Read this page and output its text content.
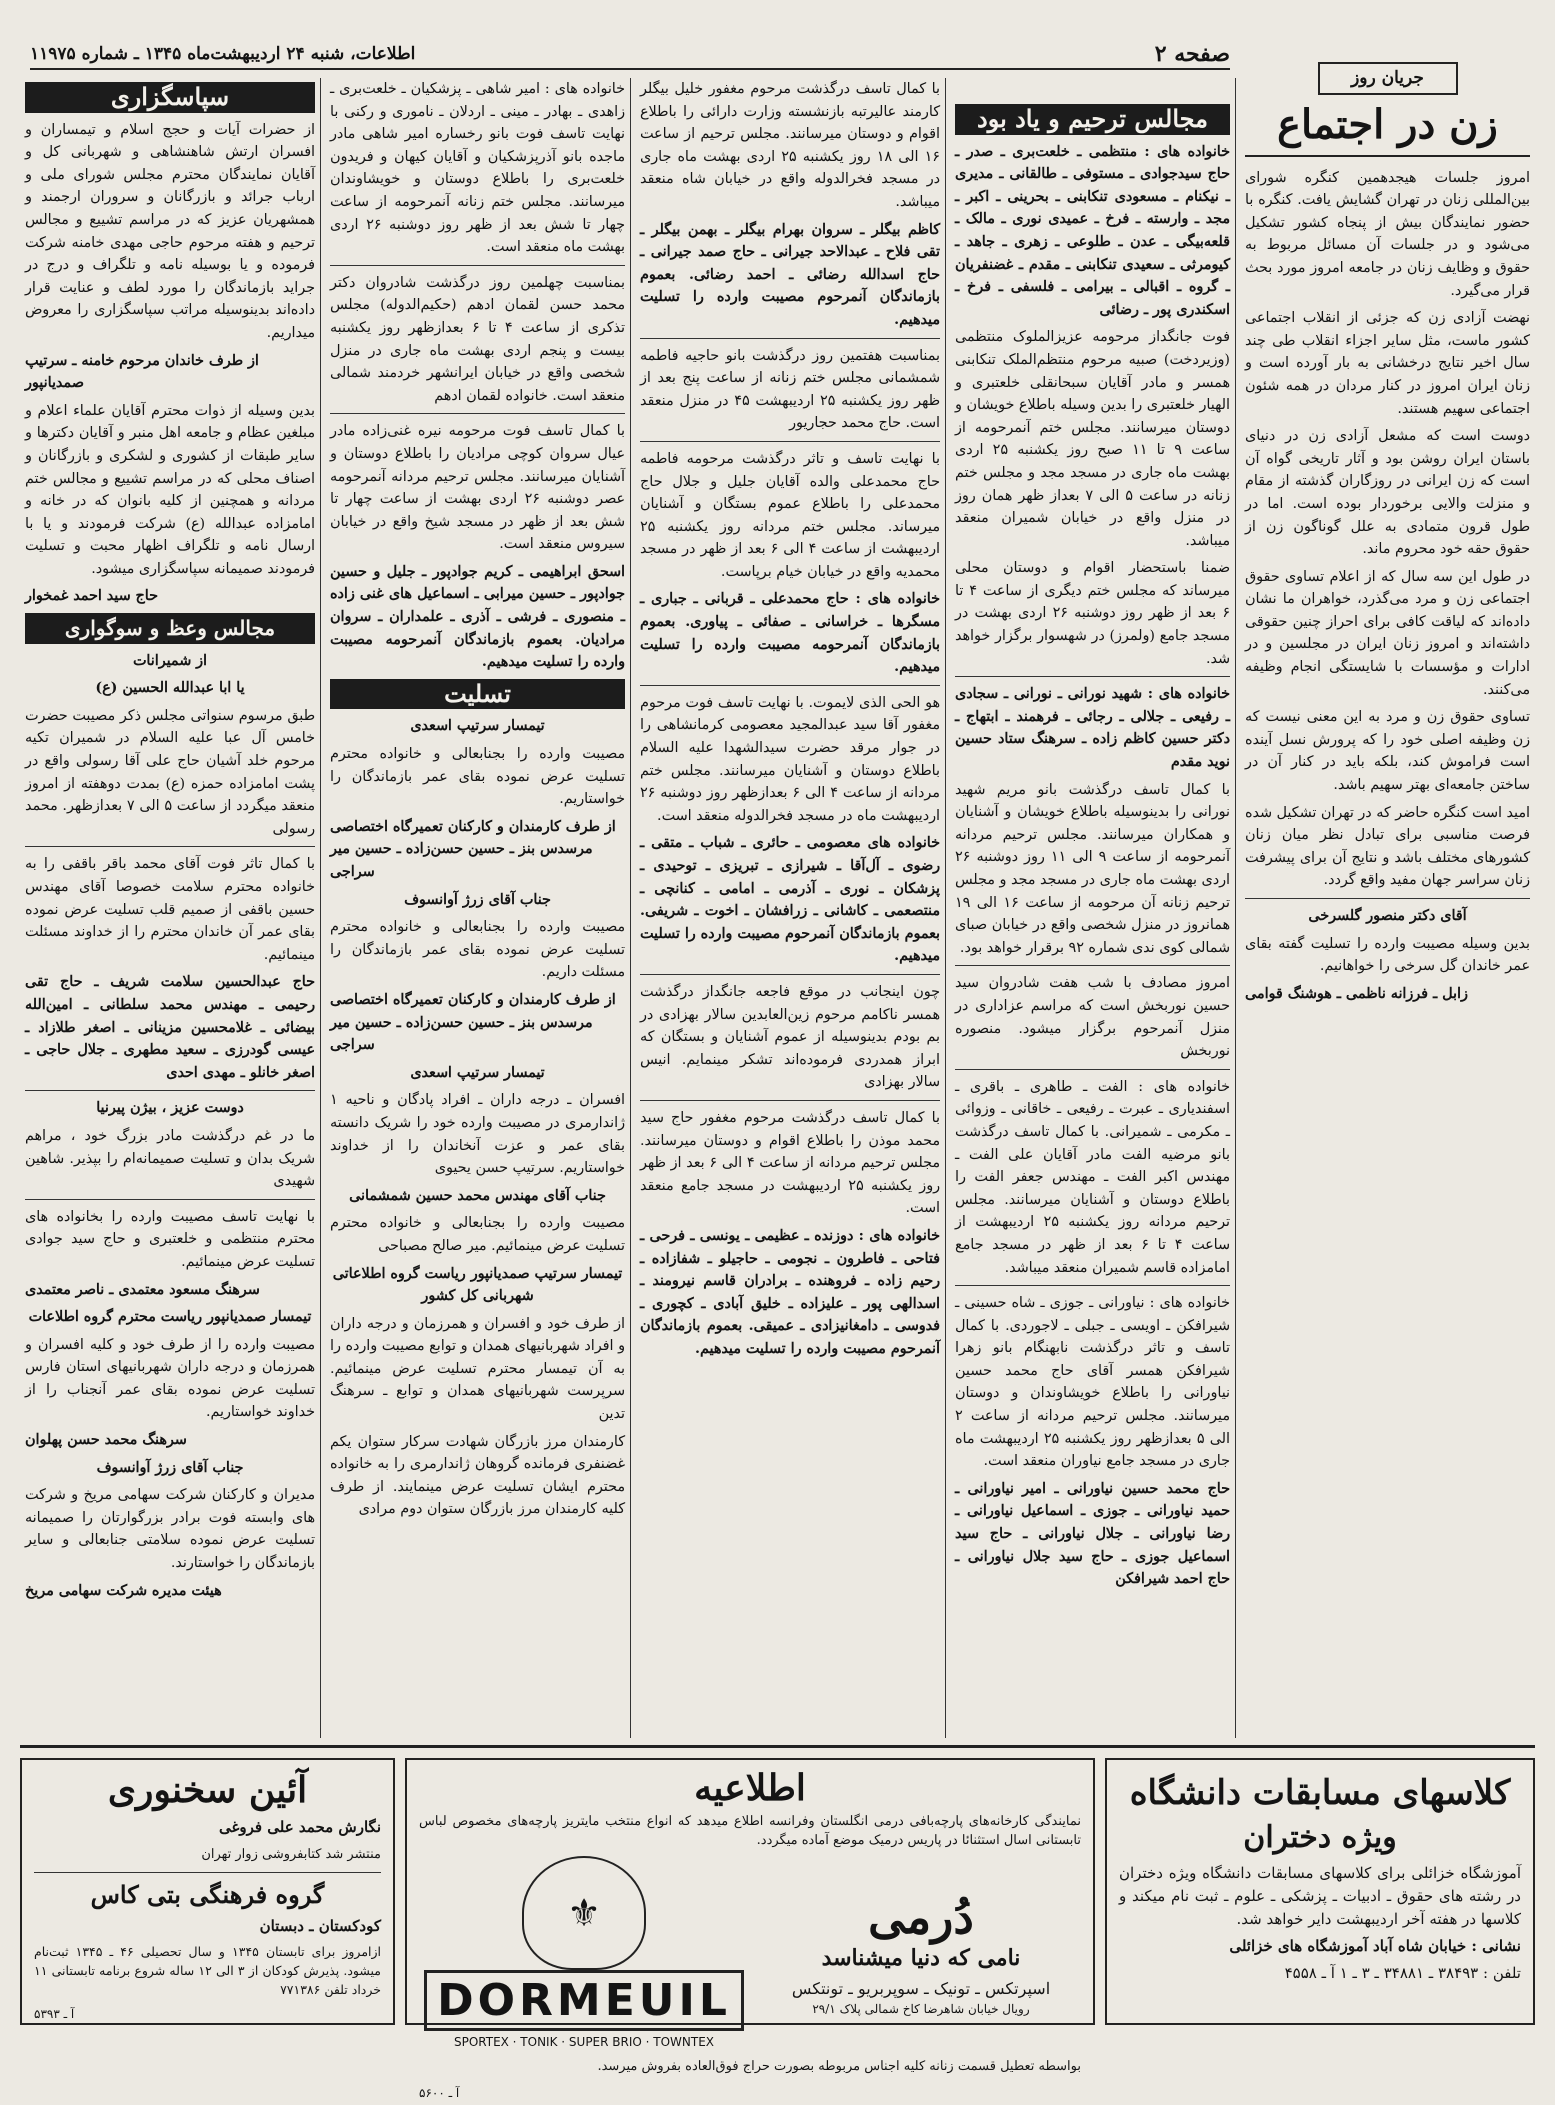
صفحه ۲
اطلاعات، شنبه ۲۴ اردیبهشت‌ماه ۱۳۴۵ ـ شماره ۱۱۹۷۵
جریان روز
زن در اجتماع

امروز جلسات هیجدهمین کنگره شورای بین‌المللی زنان در تهران گشایش یافت. کنگره با حضور نمایندگان بیش از پنجاه کشور تشکیل می‌شود و در جلسات آن مسائل مربوط به حقوق و وظایف زنان در جامعه امروز مورد بحث قرار می‌گیرد.

نهضت آزادی زن که جزئی از انقلاب اجتماعی کشور ماست، مثل سایر اجزاء انقلاب طی چند سال اخیر نتایج درخشانی به بار آورده است و زنان ایران امروز در کنار مردان در همه شئون اجتماعی سهیم هستند.

دوست است که مشعل آزادی زن در دنیای باستان ایران روشن بود و آثار تاریخی گواه آن است که زن ایرانی در روزگاران گذشته از مقام و منزلت والایی برخوردار بوده است. اما در طول قرون متمادی به علل گوناگون زن از حقوق حقه خود محروم ماند.

در طول این سه سال که از اعلام تساوی حقوق اجتماعی زن و مرد می‌گذرد، خواهران ما نشان داده‌اند که لیاقت کافی برای احراز چنین حقوقی داشته‌اند و امروز زنان ایران در مجلسین و در ادارات و مؤسسات با شایستگی انجام وظیفه می‌کنند.

تساوی حقوق زن و مرد به این معنی نیست که زن وظیفه اصلی خود را که پرورش نسل آینده است فراموش کند، بلکه باید در کنار آن در ساختن جامعه‌ای بهتر سهیم باشد.

امید است کنگره حاضر که در تهران تشکیل شده فرصت مناسبی برای تبادل نظر میان زنان کشورهای مختلف باشد و نتایج آن برای پیشرفت زنان سراسر جهان مفید واقع گردد.

آقای دکتر منصور گلسرخی

بدین وسیله مصیبت وارده را تسلیت گفته بقای عمر خاندان گل سرخی را خواهانیم.

زابل ـ فرزانه ناظمی ـ هوشنگ قوامی

مجالس ترحیم و یاد بود

خانواده های : منتظمی ـ خلعت‌بری ـ صدر ـ حاج سیدجوادی ـ مستوفی ـ طالقانی ـ مدیری ـ نیکنام ـ مسعودی تنکابنی ـ بحرینی ـ اکبر ـ مجد ـ وارسته ـ فرخ ـ عمیدی نوری ـ مالک ـ قلعه‌بیگی ـ عدن ـ طلوعی ـ زهری ـ جاهد ـ کیومرثی ـ سعیدی تنکابنی ـ مقدم ـ غضنفریان ـ گروه ـ اقبالی ـ بیرامی ـ فلسفی ـ فرخ ـ اسکندری پور ـ رضائی

فوت جانگداز مرحومه عزیزالملوک منتظمی (وزیردخت) صبیه مرحوم منتظم‌الملک تنکابنی همسر و مادر آقایان سبحانقلی خلعتبری و الهیار خلعتبری را بدین وسیله باطلاع خویشان و دوستان میرسانند. مجلس ختم آنمرحومه از ساعت ۹ تا ۱۱ صبح روز یکشنبه ۲۵ اردی بهشت ماه جاری در مسجد مجد و مجلس ختم زنانه در ساعت ۵ الی ۷ بعداز ظهر همان روز در منزل واقع در خیابان شمیران منعقد میباشد.

ضمنا باستحضار اقوام و دوستان محلی میرساند که مجلس ختم دیگری از ساعت ۴ تا ۶ بعد از ظهر روز دوشنبه ۲۶ اردی بهشت در مسجد جامع (ولمرز) در شهسوار برگزار خواهد شد.

خانواده های : شهید نورانی ـ نورانی ـ سجادی ـ رفیعی ـ جلالی ـ رجائی ـ فرهمند ـ ابتهاج ـ دکتر حسین کاظم زاده ـ سرهنگ ستاد حسین نوید مقدم

با کمال تاسف درگذشت بانو مریم شهید نورانی را بدینوسیله باطلاع خویشان و آشنایان و همکاران میرسانند. مجلس ترحیم مردانه آنمرحومه از ساعت ۹ الی ۱۱ روز دوشنبه ۲۶ اردی بهشت ماه جاری در مسجد مجد و مجلس ترحیم زنانه آن مرحومه از ساعت ۱۶ الی ۱۹ همانروز در منزل شخصی واقع در خیابان صبای شمالی کوی ندی شماره ۹۲ برقرار خواهد بود.

امروز مصادف با شب هفت شادروان سید حسین نوربخش است که مراسم عزاداری در منزل آنمرحوم برگزار میشود. منصوره نوربخش

خانواده های : الفت ـ طاهری ـ باقری ـ اسفندیاری ـ عبرت ـ رفیعی ـ خاقانی ـ وزوائی ـ مکرمی ـ شمیرانی. با کمال تاسف درگذشت بانو مرضیه الفت مادر آقایان علی الفت ـ مهندس اکبر الفت ـ مهندس جعفر الفت را باطلاع دوستان و آشنایان میرسانند. مجلس ترحیم مردانه روز یکشنبه ۲۵ اردیبهشت از ساعت ۴ تا ۶ بعد از ظهر در مسجد جامع امامزاده قاسم شمیران منعقد میباشد.

خانواده های : نیاورانی ـ جوزی ـ شاه حسینی ـ شیرافکن ـ اویسی ـ جبلی ـ لاجوردی. با کمال تاسف و تاثر درگذشت نابهنگام بانو زهرا شیرافکن همسر آقای حاج محمد حسین نیاورانی را باطلاع خویشاوندان و دوستان میرسانند. مجلس ترحیم مردانه از ساعت ۲ الی ۵ بعدازظهر روز یکشنبه ۲۵ اردیبهشت ماه جاری در مسجد جامع نیاوران منعقد است.

حاج محمد حسین نیاورانی ـ امیر نیاورانی ـ حمید نیاورانی ـ جوزی ـ اسماعیل نیاورانی ـ رضا نیاورانی ـ جلال نیاورانی ـ حاج سید اسماعیل جوزی ـ حاج سید جلال نیاورانی ـ حاج احمد شیرافکن

با کمال تاسف درگذشت مرحوم مغفور خلیل بیگلر کارمند عالیرتبه بازنشسته وزارت دارائی را باطلاع اقوام و دوستان میرسانند. مجلس ترحیم از ساعت ۱۶ الی ۱۸ روز یکشنبه ۲۵ اردی بهشت ماه جاری در مسجد فخرالدوله واقع در خیابان شاه منعقد میباشد.

کاظم بیگلر ـ سروان بهرام بیگلر ـ بهمن بیگلر ـ تقی فلاح ـ عبدالاحد جیرانی ـ حاج صمد جیرانی ـ حاج اسدالله رضائی ـ احمد رضائی. بعموم بازماندگان آنمرحوم مصیبت وارده را تسلیت میدهیم.

بمناسبت هفتمین روز درگذشت بانو حاجیه فاطمه شمشمانی مجلس ختم زنانه از ساعت پنج بعد از ظهر روز یکشنبه ۲۵ اردیبهشت ۴۵ در منزل منعقد است. حاج محمد حجاریور

با نهایت تاسف و تاثر درگذشت مرحومه فاطمه حاج محمدعلی والده آقایان جلیل و جلال حاج محمدعلی را باطلاع عموم بستگان و آشنایان میرساند. مجلس ختم مردانه روز یکشنبه ۲۵ اردیبهشت از ساعت ۴ الی ۶ بعد از ظهر در مسجد محمدیه واقع در خیابان خیام برپاست.

خانواده های : حاج محمدعلی ـ قربانی ـ جباری ـ مسگرها ـ خراسانی ـ صفائی ـ پیاوری. بعموم بازماندگان آنمرحومه مصیبت وارده را تسلیت میدهیم.

هو الحی الذی لایموت. با نهایت تاسف فوت مرحوم مغفور آقا سید عبدالمجید معصومی کرمانشاهی را در جوار مرقد حضرت سیدالشهدا علیه السلام باطلاع دوستان و آشنایان میرسانند. مجلس ختم مردانه از ساعت ۴ الی ۶ بعدازظهر روز دوشنبه ۲۶ اردیبهشت ماه در مسجد فخرالدوله منعقد است.

خانواده های معصومی ـ حائری ـ شباب ـ متقی ـ رضوی ـ آل‌آقا ـ شیرازی ـ تبریزی ـ توحیدی ـ پزشکان ـ نوری ـ آذرمی ـ امامی ـ کنانچی ـ منتصعمی ـ کاشانی ـ زرافشان ـ اخوت ـ شریفی. بعموم بازماندگان آنمرحوم مصیبت وارده را تسلیت میدهیم.

چون اینجانب در موقع فاجعه جانگداز درگذشت همسر ناکامم مرحوم زین‌العابدین سالار بهزادی در بم بودم بدینوسیله از عموم آشنایان و بستگان که ابراز همدردی فرموده‌اند تشکر مینمایم. انیس سالار بهزادی

با کمال تاسف درگذشت مرحوم مغفور حاج سید محمد موذن را باطلاع اقوام و دوستان میرسانند. مجلس ترحیم مردانه از ساعت ۴ الی ۶ بعد از ظهر روز یکشنبه ۲۵ اردیبهشت در مسجد جامع منعقد است.

خانواده های : دوزنده ـ عظیمی ـ یونسی ـ فرحی ـ فتاحی ـ فاطرون ـ نجومی ـ حاجیلو ـ شفازاده ـ رحیم زاده ـ فروهنده ـ برادران قاسم نیرومند ـ اسدالهی پور ـ علیزاده ـ خلیق آبادی ـ کچوری ـ فدوسی ـ دامغانیزادی ـ عمیقی. بعموم بازماندگان آنمرحوم مصیبت وارده را تسلیت میدهیم.

خانواده های : امیر شاهی ـ پزشکیان ـ خلعت‌بری ـ زاهدی ـ بهادر ـ مینی ـ اردلان ـ ناموری و رکنی با نهایت تاسف فوت بانو رخساره امیر شاهی مادر ماجده بانو آذرپزشکیان و آقایان کیهان و فریدون خلعت‌بری را باطلاع دوستان و خویشاوندان میرسانند. مجلس ختم زنانه آنمرحومه از ساعت چهار تا شش بعد از ظهر روز دوشنبه ۲۶ اردی بهشت ماه منعقد است.

بمناسبت چهلمین روز درگذشت شادروان دکتر محمد حسن لقمان ادهم (حکیم‌الدوله) مجلس تذکری از ساعت ۴ تا ۶ بعدازظهر روز یکشنبه بیست و پنجم اردی بهشت ماه جاری در منزل شخصی واقع در خیابان ایرانشهر خردمند شمالی منعقد است. خانواده لقمان ادهم

با کمال تاسف فوت مرحومه نیره غنی‌زاده مادر عیال سروان کوچی مرادیان را باطلاع دوستان و آشنایان میرسانند. مجلس ترحیم مردانه آنمرحومه عصر دوشنبه ۲۶ اردی بهشت از ساعت چهار تا شش بعد از ظهر در مسجد شیخ واقع در خیابان سیروس منعقد است.

اسحق ابراهیمی ـ کریم جوادپور ـ جلیل و حسین جوادپور ـ حسین میرابی ـ اسماعیل های غنی زاده ـ منصوری ـ فرشی ـ آذری ـ علمداران ـ سروان مرادیان. بعموم بازماندگان آنمرحومه مصیبت وارده را تسلیت میدهیم.

تسلیت

تیمسار سرتیپ اسعدی

مصیبت وارده را بجنابعالی و خانواده محترم تسلیت عرض نموده بقای عمر بازماندگان را خواستاریم.

از طرف کارمندان و کارکنان تعمیرگاه اختصاصی مرسدس بنز ـ حسین حسن‌زاده ـ حسین میر سراجی

جناب آقای زرژ آوانسوف

مصیبت وارده را بجنابعالی و خانواده محترم تسلیت عرض نموده بقای عمر بازماندگان را مسئلت داریم.

از طرف کارمندان و کارکنان تعمیرگاه اختصاصی مرسدس بنز ـ حسین حسن‌زاده ـ حسین میر سراجی

تیمسار سرتیپ اسعدی

افسران ـ درجه داران ـ افراد پادگان و ناحیه ۱ ژاندارمری در مصیبت وارده خود را شریک دانسته بقای عمر و عزت آنخاندان را از خداوند خواستاریم. سرتیپ حسن یحیوی

جناب آقای مهندس محمد حسین شمشمانی

مصیبت وارده را بجنابعالی و خانواده محترم تسلیت عرض مینمائیم. میر صالح مصباحی

تیمسار سرتیپ صمدیانپور ریاست گروه اطلاعاتی شهربانی کل کشور

از طرف خود و افسران و همرزمان و درجه داران و افراد شهربانیهای همدان و توابع مصیبت وارده را به آن تیمسار محترم تسلیت عرض مینمائیم. سرپرست شهربانیهای همدان و توابع ـ سرهنگ تدین

کارمندان مرز بازرگان شهادت سرکار ستوان یکم غضنفری فرمانده گروهان ژاندارمری را به خانواده محترم ایشان تسلیت عرض مینمایند. از طرف کلیه کارمندان مرز بازرگان ستوان دوم مرادی

سپاسگزاری

از حضرات آیات و حجج اسلام و تیمساران و افسران ارتش شاهنشاهی و شهربانی کل و آقایان نمایندگان محترم مجلس شورای ملی و ارباب جرائد و بازرگانان و سروران ارجمند و همشهریان عزیز که در مراسم تشییع و مجالس ترحیم و هفته مرحوم حاجی مهدی خامنه شرکت فرموده و یا بوسیله نامه و تلگراف و درج در جراید بازماندگان را مورد لطف و عنایت قرار داده‌اند بدینوسیله مراتب سپاسگزاری را معروض میداریم.

از طرف خاندان مرحوم خامنه ـ سرتیپ صمدیانپور

بدین وسیله از ذوات محترم آقایان علماء اعلام و مبلغین عظام و جامعه اهل منبر و آقایان دکترها و سایر طبقات از کشوری و لشکری و بازرگانان و اصناف محلی که در مراسم تشییع و مجالس ختم مردانه و همچنین از کلیه بانوان که در خانه و امامزاده عبدالله (ع) شرکت فرمودند و یا با ارسال نامه و تلگراف اظهار محبت و تسلیت فرمودند صمیمانه سپاسگزاری میشود.

حاج سید احمد غمخوار

مجالس وعظ و سوگواری

از شمیرانات

یا ابا عبدالله الحسین (ع)

طبق مرسوم سنواتی مجلس ذکر مصیبت حضرت خامس آل عبا علیه السلام در شمیران تکیه مرحوم خلد آشیان حاج علی آقا رسولی واقع در پشت امامزاده حمزه (ع) بمدت دوهفته از امروز منعقد میگردد از ساعت ۵ الی ۷ بعدازظهر. محمد رسولی

با کمال تاثر فوت آقای محمد باقر باقفی را به خانواده محترم سلامت خصوصا آقای مهندس حسین باقفی از صمیم قلب تسلیت عرض نموده بقای عمر آن خاندان محترم را از خداوند مسئلت مینمائیم.

حاج عبدالحسین سلامت شریف ـ حاج تقی رحیمی ـ مهندس محمد سلطانی ـ امین‌الله بیضائی ـ غلامحسین مزینانی ـ اصغر طلازاد ـ عیسی گودرزی ـ سعید مطهری ـ جلال حاجی ـ اصغر خانلو ـ مهدی احدی

دوست عزیز ، بیژن پیرنیا

ما در غم درگذشت مادر بزرگ خود ، مراهم شریک بدان و تسلیت صمیمانه‌ام را بپذیر. شاهین شهیدی

با نهایت تاسف مصیبت وارده را بخانواده های محترم منتظمی و خلعتبری و حاج سید جوادی تسلیت عرض مینمائیم.

سرهنگ مسعود معتمدی ـ ناصر معتمدی

تیمسار صمدیانپور ریاست محترم گروه اطلاعات

مصیبت وارده را از طرف خود و کلیه افسران و همرزمان و درجه داران شهربانیهای استان فارس تسلیت عرض نموده بقای عمر آنجناب را از خداوند خواستاریم.

سرهنگ محمد حسن پهلوان

جناب آقای زرژ آوانسوف

مدیران و کارکنان شرکت سهامی مریخ و شرکت های وابسته فوت برادر بزرگوارتان را صمیمانه تسلیت عرض نموده سلامتی جنابعالی و سایر بازماندگان را خواستارند.

هیئت مدیره شرکت سهامی مریخ

کلاسهای مسابقات دانشگاه
ویژه دختران

آموزشگاه خزائلی برای کلاسهای مسابقات دانشگاه ویژه دختران در رشته های حقوق ـ ادبیات ـ پزشکی ـ علوم ـ ثبت نام میکند و کلاسها در هفته آخر اردیبهشت دایر خواهد شد.

نشانی : خیابان شاه آباد آموزشگاه های خزائلی

تلفن : ۳۸۴۹۳ ـ ۳۴۸۸۱ ـ ۳ ـ ۱ آ ـ ۴۵۵۸

اطلاعیه

نمایندگی کارخانه‌های پارچه‌بافی درمی انگلستان وفرانسه اطلاع میدهد که انواع منتخب مایتریز پارچه‌های مخصوص لباس تابستانی اسال استثنائا در پاریس درمیک موضع آماده میگردد.

⚜
DORMEUIL
SPORTEX · TONIK · SUPER BRIO · TOWNTEX
دُرمی
نامی که دنیا میشناسد
اسپرتکس ـ تونیک ـ سوپربریو ـ تونتکس
رویال خیابان شاهرضا کاخ شمالی پلاک ۲۹/۱

بواسطه تعطیل قسمت زنانه کلیه اجناس مربوطه بصورت حراج فوق‌العاده بفروش میرسد.

آ ـ ۵۶۰۰

آئین سخنوری

نگارش محمد علی فروغی

منتشر شد کتابفروشی زوار تهران

گروه فرهنگی بتی کاس

کودکستان ـ دبستان

ازامروز برای تابستان ۱۳۴۵ و سال تحصیلی ۴۶ ـ ۱۳۴۵ ثبت‌نام میشود. پذیرش کودکان از ۳ الی ۱۲ ساله شروع برنامه تابستانی ۱۱ خرداد تلفن ۷۷۱۳۸۶

آ ـ ۵۳۹۳
